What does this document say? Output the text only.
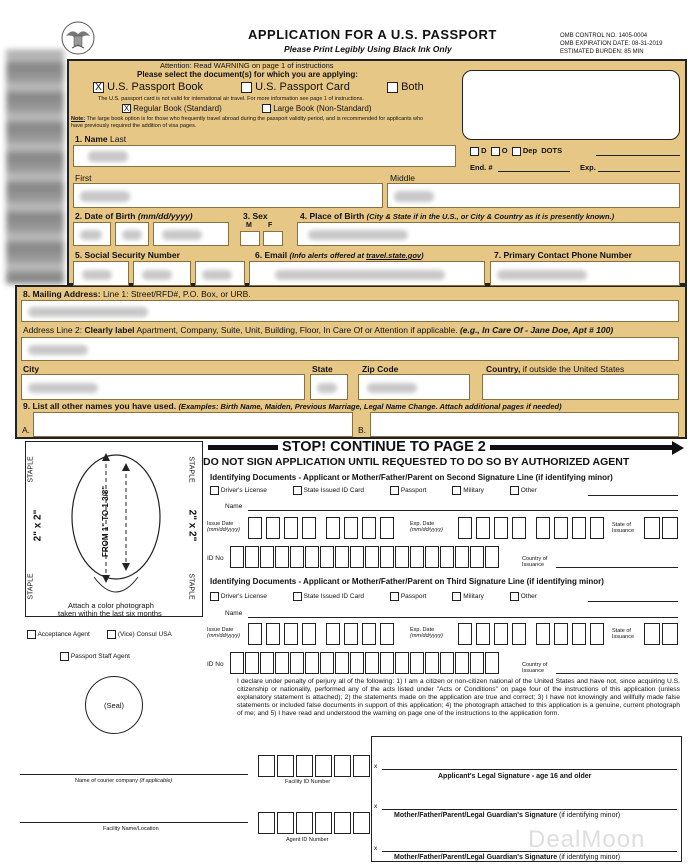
APPLICATION FOR A U.S. PASSPORT
Please Print Legibly Using Black Ink Only
OMB CONTROL NO. 1405-0004
OMB EXPIRATION DATE: 08-31-2019
ESTIMATED BURDEN: 85 MIN
Attention: Read WARNING on page 1 of instructions
Please select the document(s) for which you are applying:
X U.S. Passport Book	U.S. Passport Card	Both
The U.S. passport card is not valid for international air travel. For more information see page 1 of instructions.
X Regular Book (Standard)	Large Book (Non-Standard)
Note: The large book option is for those who frequently travel abroad during the passport validity period, and is recommended for applicants who have previously required the addition of visa pages.
D O Dep DOTS
End. #	Exp.
1. Name Last
First	Middle
2. Date of Birth (mm/dd/yyyy)	3. Sex
M F
4. Place of Birth (City & State if in the U.S., or City & Country as it is presently known.)
5. Social Security Number	6. Email (Info alerts offered at travel.state.gov)	7. Primary Contact Phone Number
8. Mailing Address: Line 1: Street/RFD#, P.O. Box, or URB.
Address Line 2: Clearly label Apartment, Company, Suite, Unit, Building, Floor, In Care Of or Attention if applicable. (e.g., In Care Of - Jane Doe, Apt # 100)
City	State	Zip Code	Country, if outside the United States
9. List all other names you have used. (Examples: Birth Name, Maiden, Previous Marriage, Legal Name Change. Attach additional pages if needed)
A.	B.
STAPLE	STAPLE
STAPLE	STAPLE
2" x 2"	2" x 2"
FROM 1" TO 1 3/8"
Attach a color photograph
taken within the last six months
STOP! CONTINUE TO PAGE 2
DO NOT SIGN APPLICATION UNTIL REQUESTED TO DO SO BY AUTHORIZED AGENT
Identifying Documents - Applicant or Mother/Father/Parent on Second Signature Line (if identifying minor)
Driver's License	State Issued ID Card	Passport	Military	Other
Name
Issue Date
(mm/dd/yyyy)
Exp. Date
(mm/dd/yyyy)
State of
Issuance
ID No	Country of
Issuance
Identifying Documents - Applicant or Mother/Father/Parent on Third Signature Line (if identifying minor)
Driver's License	State Issued ID Card	Passport	Military	Other
Name
Issue Date
(mm/dd/yyyy)
Exp. Date
(mm/dd/yyyy)
State of
Issuance
ID No	Country of
Issuance
Acceptance Agent	(Vice) Consul USA
Passport Staff Agent
(Seal)
Name of courier company (if applicable)	Facility ID Number
Facility Name/Location
Agent ID Number
I declare under penalty of perjury all of the following: 1) I am a citizen or non-citizen national of the United States and have not, since acquiring U.S. citizenship or nationality, performed any of the acts listed under "Acts or Conditions" on page four of the instructions of this application (unless explanatory statement is attached); 2) the statements made on the application are true and correct; 3) I have not knowingly and willfully made false statements or included false documents in support of this application; 4) the photograph attached to this application is a genuine, current photograph of me; and 5) I have read and understood the warning on page one of the instructions to the application form.
x
Applicant's Legal Signature - age 16 and older
x
Mother/Father/Parent/Legal Guardian's Signature (if identifying minor)
x
Mother/Father/Parent/Legal Guardian's Signature (if identifying minor)
DealMoon
